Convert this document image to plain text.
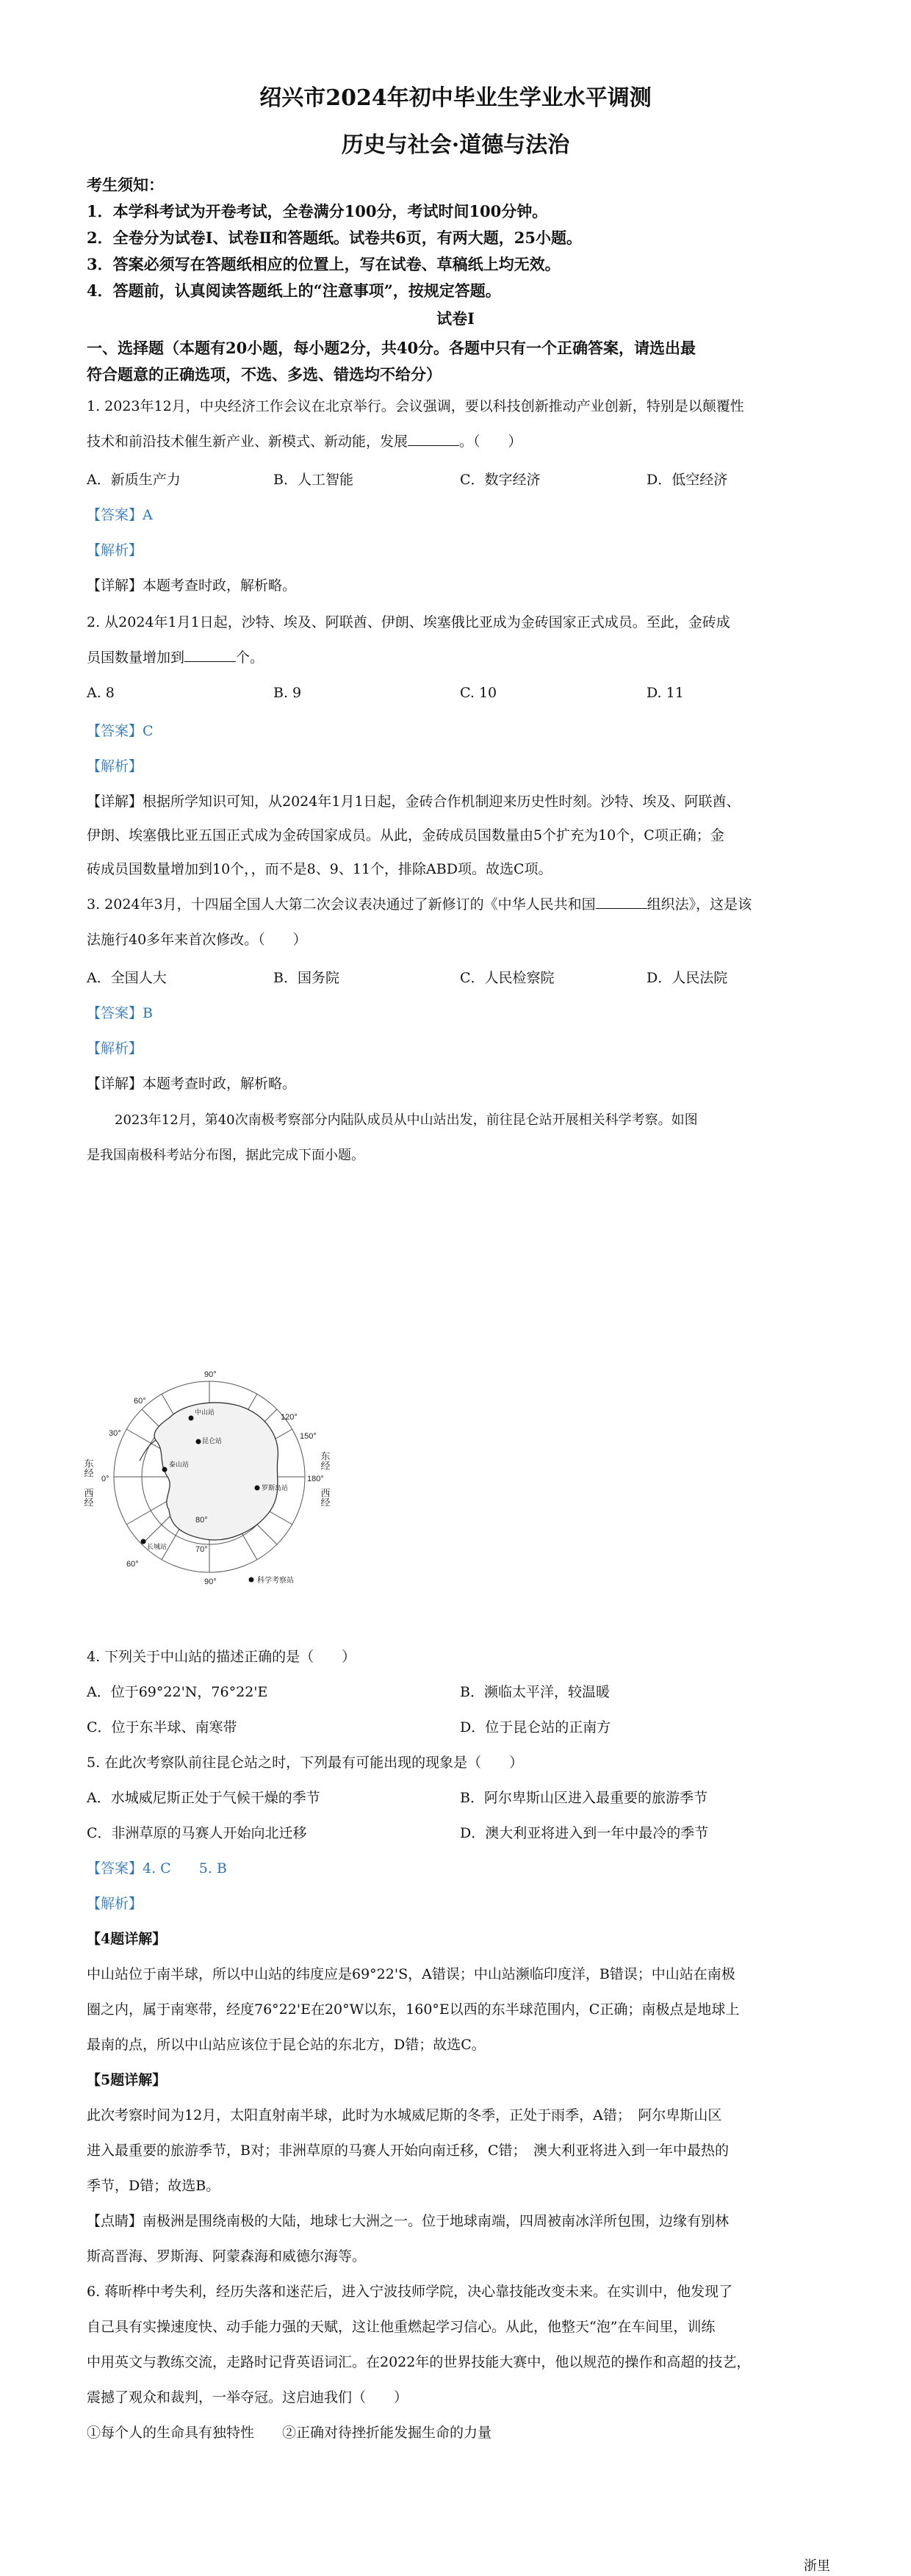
绍兴市2024年初中毕业生学业水平调测
历史与社会·道德与法治
考生须知：
1．本学科考试为开卷考试，全卷满分100分，考试时间100分钟。
2．全卷分为试卷Ⅰ、试卷Ⅱ和答题纸。试卷共6页，有两大题，25小题。
3．答案必须写在答题纸相应的位置上，写在试卷、草稿纸上均无效。
4．答题前，认真阅读答题纸上的“注意事项”，按规定答题。
试卷Ⅰ
一、选择题（本题有20小题，每小题2分，共40分。各题中只有一个正确答案，请选出最
符合题意的正确选项，不选、多选、错选均不给分）
1. 2023年12月，中央经济工作会议在北京举行。会议强调，要以科技创新推动产业创新，特别是以颠覆性
技术和前沿技术催生新产业、新模式、新动能，发展	。（　　）
A．新质生产力	B．人工智能	C．数字经济	D．低空经济
【答案】A
【解析】
【详解】本题考查时政，解析略。
2. 从2024年1月1日起，沙特、埃及、阿联酋、伊朗、埃塞俄比亚成为金砖国家正式成员。至此，金砖成
员国数量增加到	个。
A. 8	B. 9	C. 10	D. 11
【答案】C
【解析】
【详解】根据所学知识可知，从2024年1月1日起，金砖合作机制迎来历史性时刻。沙特、埃及、阿联酋、
伊朗、埃塞俄比亚五国正式成为金砖国家成员。从此，金砖成员国数量由5个扩充为10个，C项正确；金
砖成员国数量增加到10个，，而不是8、9、11个，排除ABD项。故选C项。
3. 2024年3月，十四届全国人大第二次会议表决通过了新修订的《中华人民共和国	组织法》，这是该
法施行40多年来首次修改。（　　）
A．全国人大	B．国务院	C．人民检察院	D．人民法院
【答案】B
【解析】
【详解】本题考查时政，解析略。
2023年12月，第40次南极考察部分内陆队成员从中山站出发，前往昆仑站开展相关科学考察。如图
是我国南极科考站分布图，据此完成下面小题。
90°
60°
30°
0°
120°
150°
180°
60°
90°
80°
70°
东经
西经
东经
西经
中山站
昆仑站
泰山站
罗斯岛站
长城站
科学考察站
4. 下列关于中山站的描述正确的是（　　）
A．位于69°22'N，76°22'E	B．濒临太平洋，较温暖
C．位于东半球、南寒带	D．位于昆仑站的正南方
5. 在此次考察队前往昆仑站之时，下列最有可能出现的现象是（　　）
A．水城威尼斯正处于气候干燥的季节	B．阿尔卑斯山区进入最重要的旅游季节
C．非洲草原的马赛人开始向北迁移	D．澳大利亚将进入到一年中最冷的季节
【答案】4. C　　5. B
【解析】
【4题详解】
中山站位于南半球，所以中山站的纬度应是69°22'S，A错误；中山站濒临印度洋，B错误；中山站在南极
圈之内，属于南寒带，经度76°22'E在20°W以东，160°E以西的东半球范围内，C正确；南极点是地球上
最南的点，所以中山站应该位于昆仑站的东北方，D错；故选C。
【5题详解】
此次考察时间为12月，太阳直射南半球，此时为水城威尼斯的冬季，正处于雨季，A错；　阿尔卑斯山区
进入最重要的旅游季节，B对；非洲草原的马赛人开始向南迁移，C错；　澳大利亚将进入到一年中最热的
季节，D错；故选B。
【点睛】南极洲是围绕南极的大陆，地球七大洲之一。位于地球南端，四周被南冰洋所包围，边缘有别林
斯高晋海、罗斯海、阿蒙森海和威德尔海等。
6. 蒋昕桦中考失利，经历失落和迷茫后，进入宁波技师学院，决心靠技能改变未来。在实训中，他发现了
自己具有实操速度快、动手能力强的天赋，这让他重燃起学习信心。从此，他整天“泡”在车间里，训练
中用英文与教练交流，走路时记背英语词汇。在2022年的世界技能大赛中，他以规范的操作和高超的技艺，
震撼了观众和裁判，一举夺冠。这启迪我们（　　）
①每个人的生命具有独特性　　②正确对待挫折能发掘生命的力量
浙里
